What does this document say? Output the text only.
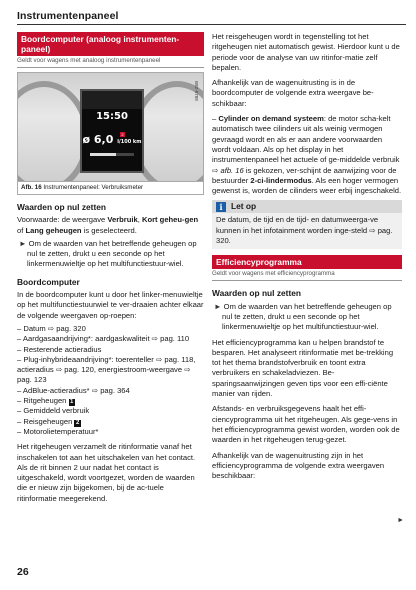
Instrumentenpaneel
Boordcomputer (analoog instrumenten-paneel)
Geldt voor wagens met analoog instrumentenpaneel
15:50
2
ø 6,0 l/100 km
B8Z-0788
Afb. 16 Instrumentenpaneel: Verbruiksmeter
Waarden op nul zetten

Voorwaarde: de weergave Verbruik, Kort geheu-gen of Lang geheugen is geselecteerd.

► Om de waarden van het betreffende geheugen op nul te zetten, drukt u een seconde op het linkermenuwieltje op het multifunctiestuur-wiel.

Boordcomputer

In de boordcomputer kunt u door het linker-menuwieltje op het multifunctiestuurwiel te ver-draaien achter elkaar de volgende weergaven op-roepen:

– Datum ⇨ pag. 320
– Aardgasaandrijving*: aardgaskwaliteit ⇨ pag. 110
– Resterende actieradius
– Plug-inhybrideaandrijving*: toerenteller ⇨ pag. 118, actieradius ⇨ pag. 120, energiestroom-weergave ⇨ pag. 123
– AdBlue-actieradius* ⇨ pag. 364
– Ritgeheugen 1
– Gemiddeld verbruik
– Reisgeheugen 2
– Motorolietemperatuur*

Het ritgeheugen verzamelt de ritinformatie vanaf het inschakelen tot aan het uitschakelen van het contact. Als de rit binnen 2 uur nadat het contact is uitgeschakeld, wordt voortgezet, worden de waarden die er nieuw zijn bijgekomen, bij de ac-tuele ritinformatie meegerekend.

Het reisgeheugen wordt in tegenstelling tot het ritgeheugen niet automatisch gewist. Hierdoor kunt u de periode voor de analyse van uw ritinfor-matie zelf bepalen.

Afhankelijk van de wagenuitrusting is in de boordcomputer de volgende extra weergave be-schikbaar:

– Cylinder on demand systeem: de motor scha-kelt automatisch twee cilinders uit als weinig vermogen gevraagd wordt en als er aan andere voorwaarden wordt voldaan. Als op het display in het instrumentenpaneel het actuele of ge-middelde verbruik ⇨ afb. 16 is gekozen, ver-schijnt de aanwijzing voor de bestuurder 2-ci-lindermodus. Als een hoger vermogen gewenst is, worden de cilinders weer erbij ingeschakeld.

i	Let op
De datum, de tijd en de tijd- en datumweerga-ve kunnen in het infotainment worden inge-steld ⇨ pag. 320.
Efficiencyprogramma
Geldt voor wagens met efficiencyprogramma
Waarden op nul zetten

► Om de waarden van het betreffende geheugen op nul te zetten, drukt u een seconde op het linkermenuwieltje op het multifunctiestuur-wiel.

Het efficiencyprogramma kan u helpen brandstof te besparen. Het analyseert ritinformatie met be-trekking tot het thema brandstofverbruik en toont extra verbruikers en schakeladviezen. Be-sparingsaanwijzingen geven tips voor een effi-ciënte manier van rijden.

Afstands- en verbruiksgegevens haalt het effi-ciencyprogramma uit het ritgeheugen. Als gege-vens in het efficiencyprogramma gewist worden, worden ook de waarden in het ritgeheugen terug-gezet.

Afhankelijk van de wagenuitrusting zijn in het efficiencyprogramma de volgende extra weergaven beschikbaar:

►
26
